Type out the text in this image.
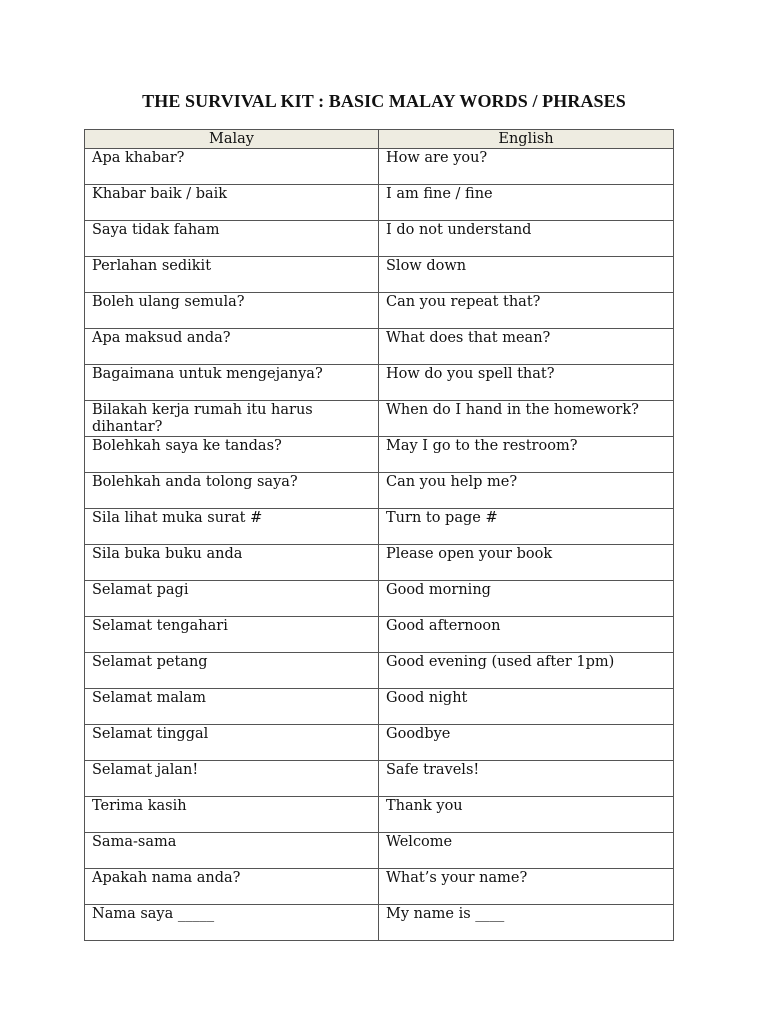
THE SURVIVAL KIT : BASIC MALAY WORDS / PHRASES
Malay	English
Apa khabar?	How are you?
Khabar baik / baik	I am fine / fine
Saya tidak faham	I do not understand
Perlahan sedikit	Slow down
Boleh ulang semula?	Can you repeat that?
Apa maksud anda?	What does that mean?
Bagaimana untuk mengejanya?	How do you spell that?
Bilakah kerja rumah itu harus dihantar?	When do I hand in the homework?
Bolehkah saya ke tandas?	May I go to the restroom?
Bolehkah anda tolong saya?	Can you help me?
Sila lihat muka surat #	Turn to page #
Sila buka buku anda	Please open your book
Selamat pagi	Good morning
Selamat tengahari	Good afternoon
Selamat petang	Good evening (used after 1pm)
Selamat malam	Good night
Selamat tinggal	Goodbye
Selamat jalan!	Safe travels!
Terima kasih	Thank you
Sama-sama	Welcome
Apakah nama anda?	What’s your name?
Nama saya _____	My name is ____
